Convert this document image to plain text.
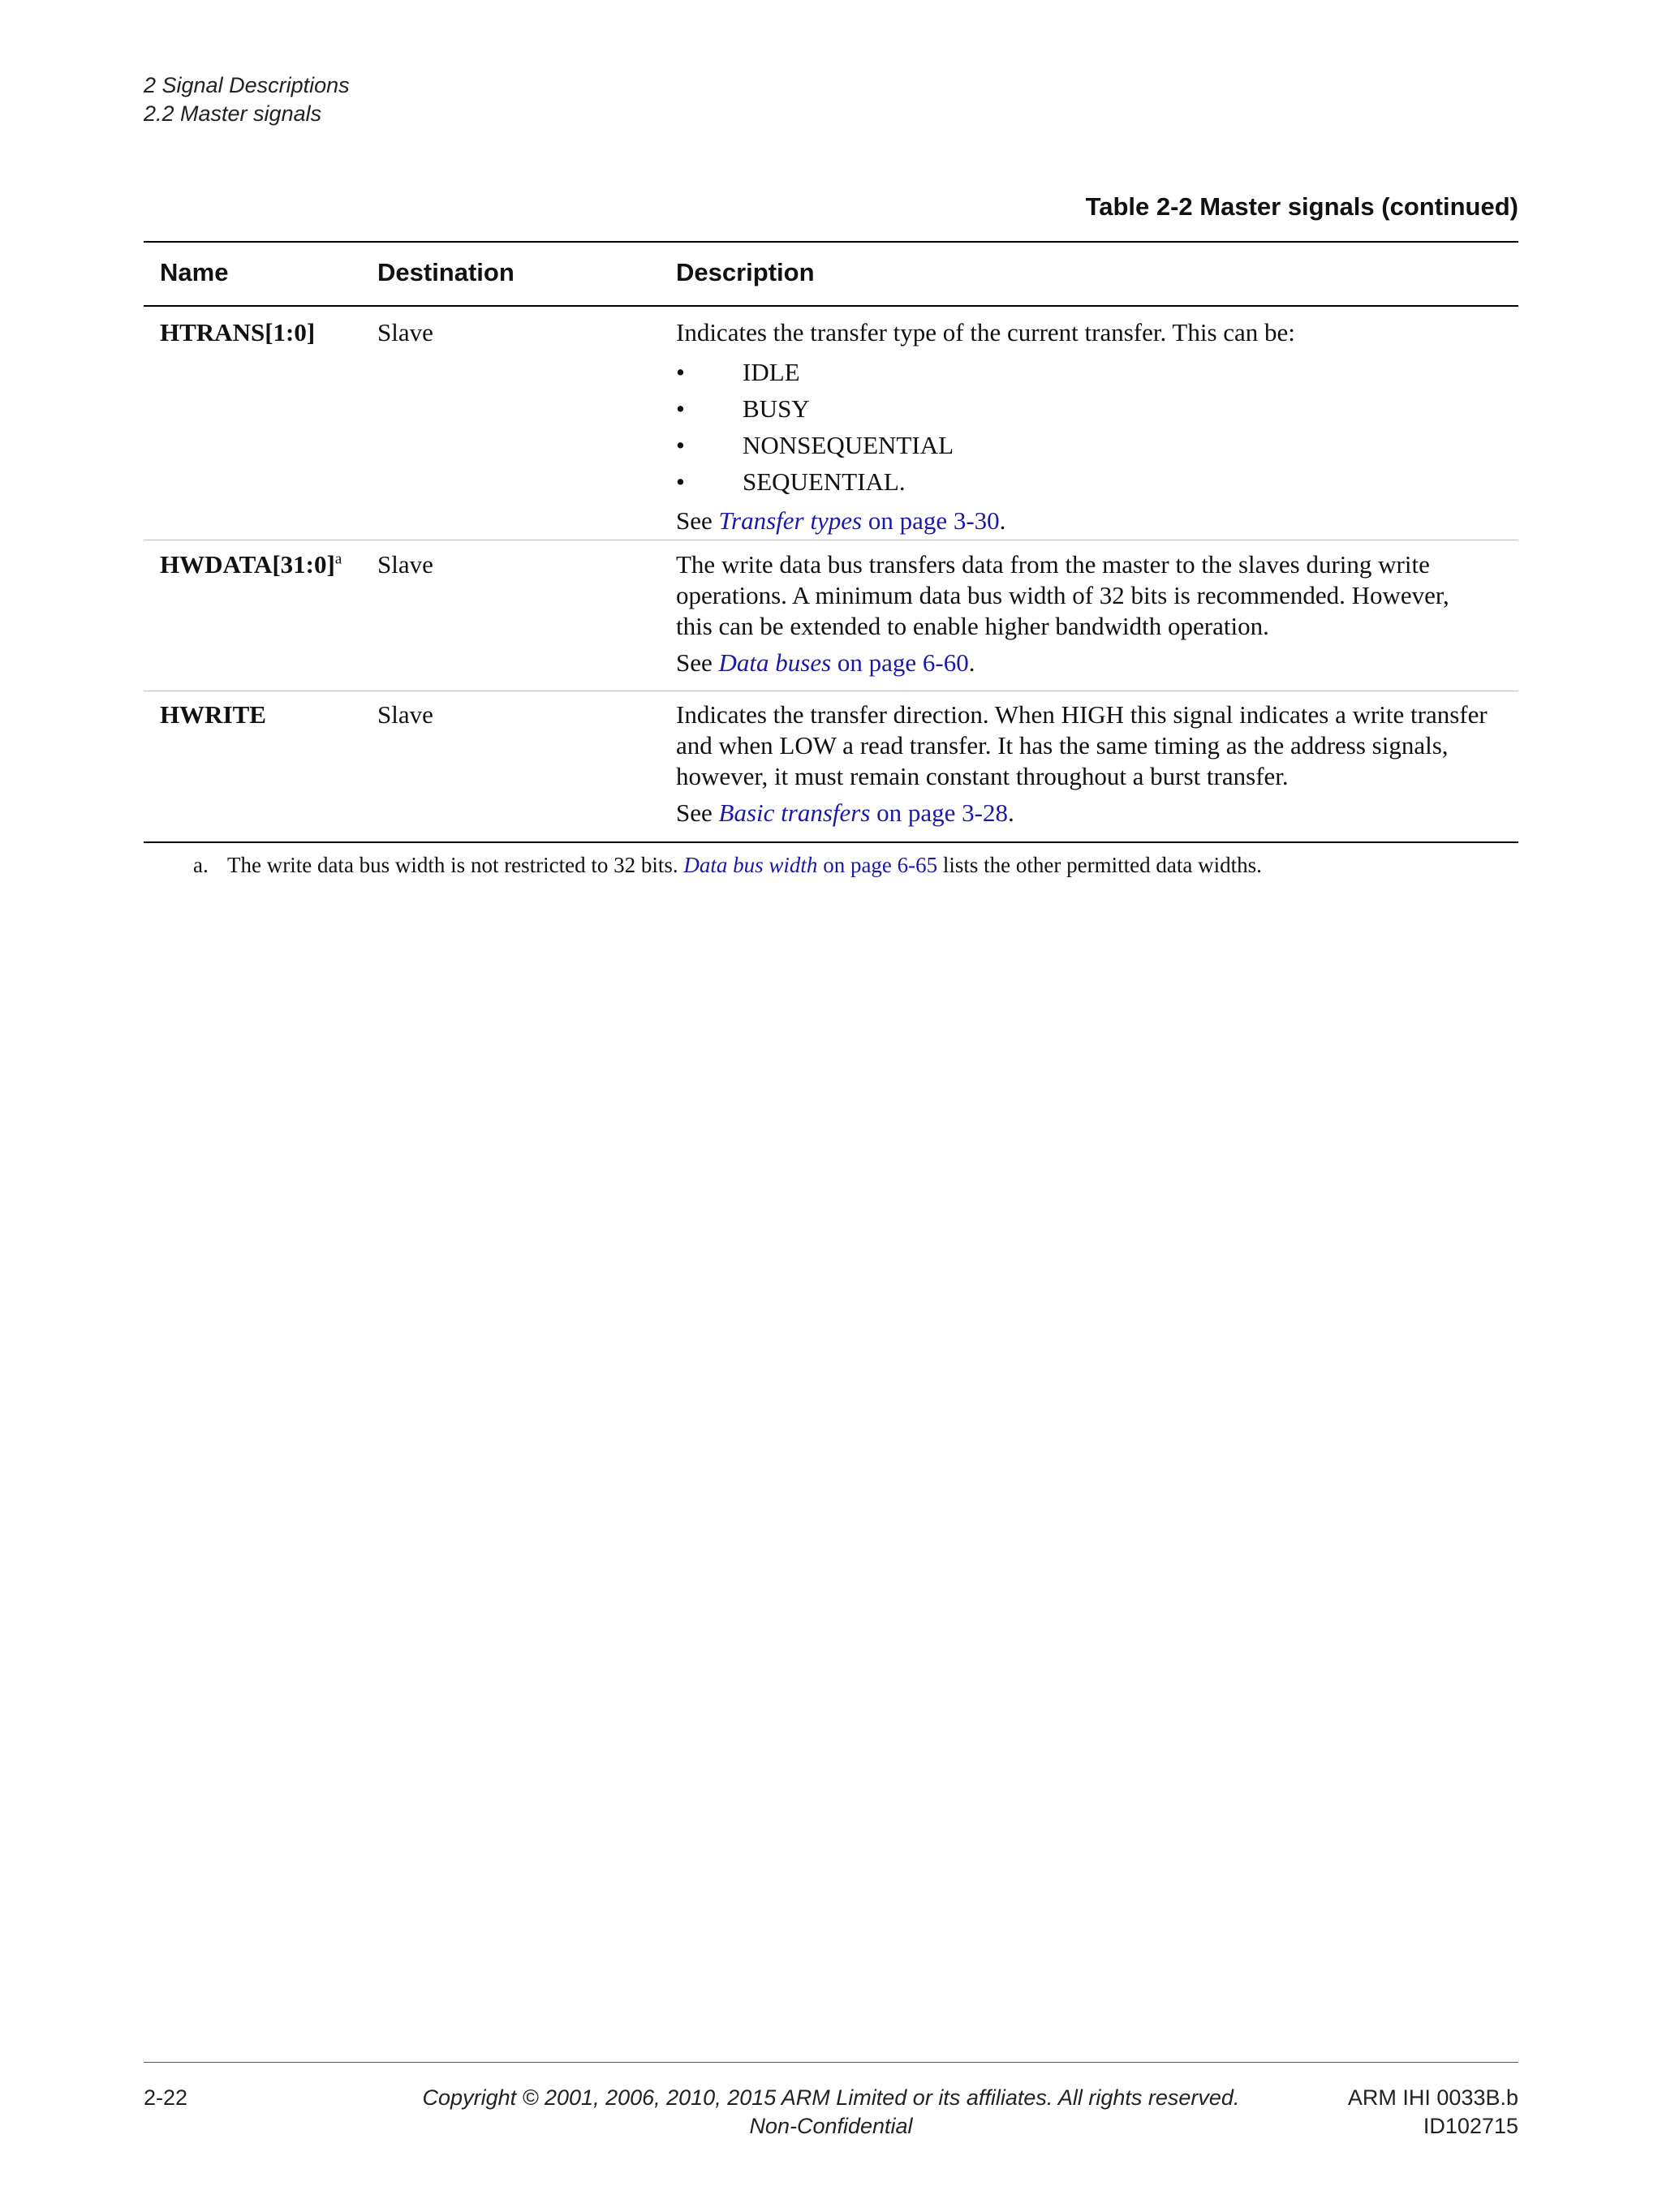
2 Signal Descriptions
2.2 Master signals
Table 2-2 Master signals (continued)
Name	Destination	Description
HTRANS[1:0] Slave	Indicates the transfer type of the current transfer. This can be:

• IDLE
• BUSY
• NONSEQUENTIAL
• SEQUENTIAL.

See Transfer types on page 3-30.

HWDATA[31:0]$^a$ Slave	The write data bus transfers data from the master to the slaves during write operations. A minimum data bus width of 32 bits is recommended. However, this can be extended to enable higher bandwidth operation.

See Data buses on page 6-60.

HWRITE	Slave	Indicates the transfer direction. When HIGH this signal indicates a write transfer and when LOW a read transfer. It has the same timing as the address signals, however, it must remain constant throughout a burst transfer.

See Basic transfers on page 3-28.

a. The write data bus width is not restricted to 32 bits. Data bus width on page 6-65 lists the other permitted data widths.
2-22	Copyright © 2001, 2006, 2010, 2015 ARM Limited or its affiliates. All rights reserved.
Non-Confidential
ARM IHI 0033B.b
ID102715
